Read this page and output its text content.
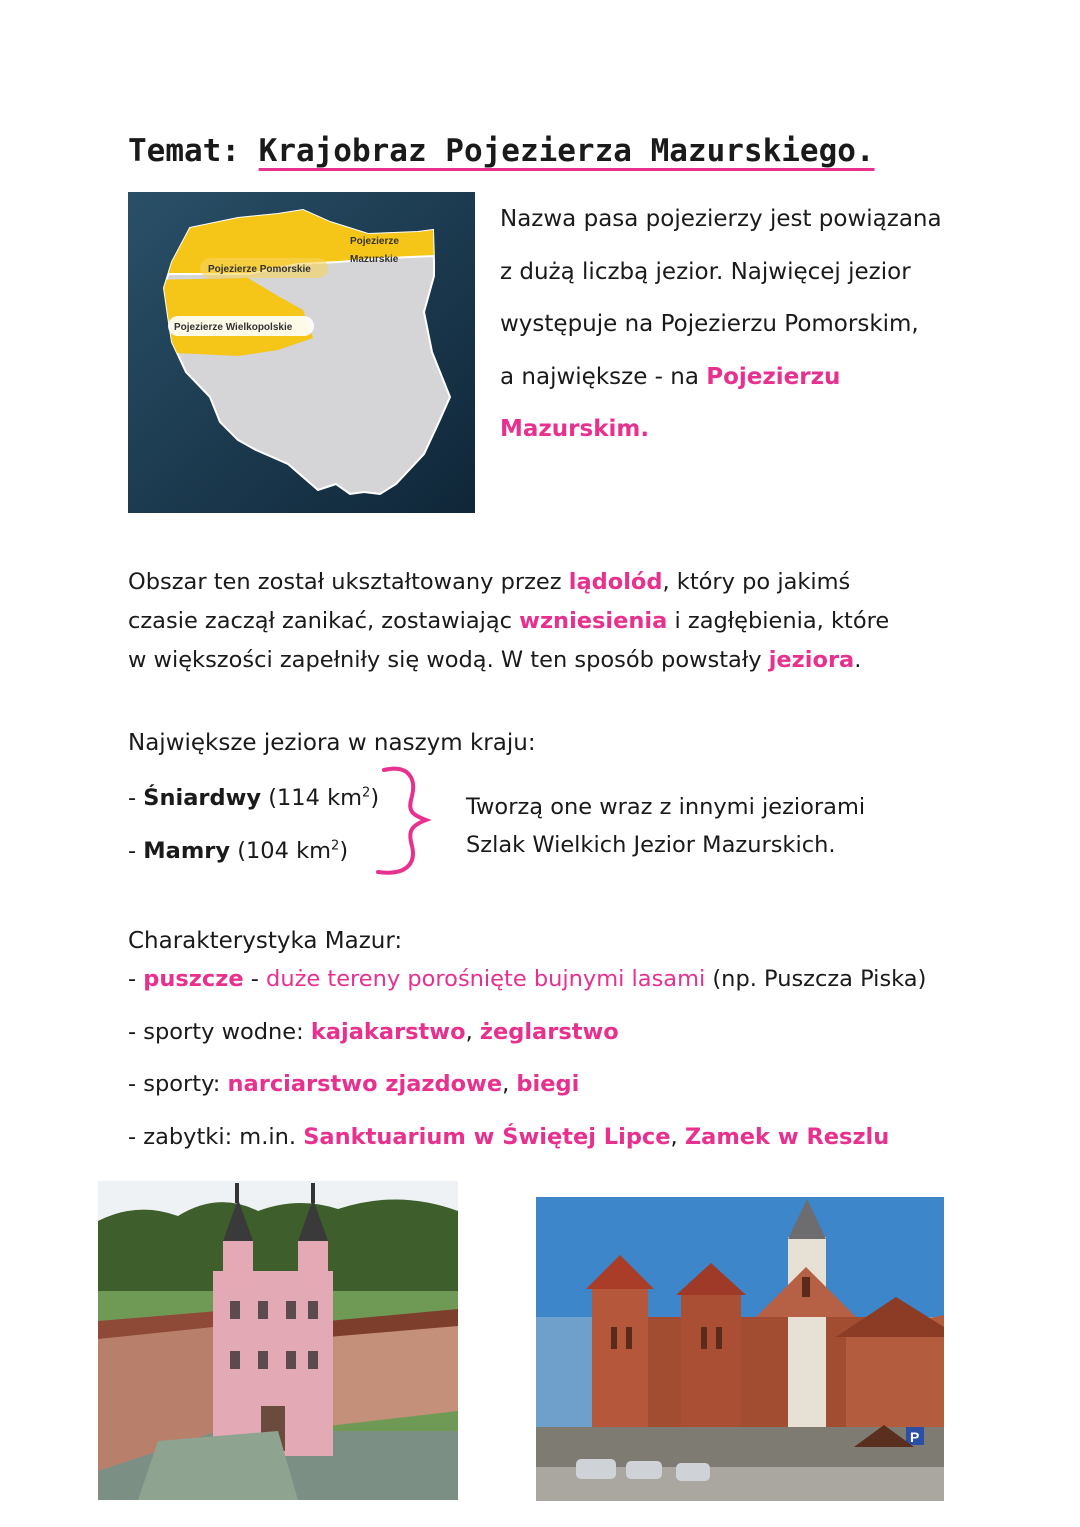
Temat: Krajobraz Pojezierza Mazurskiego.
Pojezierze Pomorskie
Pojezierze
Mazurskie
Pojezierze Wielkopolskie
Nazwa pasa pojezierzy jest powiązana
z dużą liczbą jezior. Najwięcej jezior
występuje na Pojezierzu Pomorskim,
a największe - na Pojezierzu
Mazurskim.
Obszar ten został ukształtowany przez lądolód, który po jakimś
czasie zaczął zanikać, zostawiając wzniesienia i zagłębienia, które
w większości zapełniły się wodą. W ten sposób powstały jeziora.
Największe jeziora w naszym kraju:
- Śniardwy (114 $km^2$)
- Mamry (104 $km^2$)
Tworzą one wraz z innymi jeziorami
Szlak Wielkich Jezior Mazurskich.
Charakterystyka Mazur:
- puszcze - duże tereny porośnięte bujnymi lasami (np. Puszcza Piska)
- sporty wodne: kajakarstwo, żeglarstwo
- sporty: narciarstwo zjazdowe, biegi
- zabytki: m.in. Sanktuarium w Świętej Lipce, Zamek w Reszlu
P
